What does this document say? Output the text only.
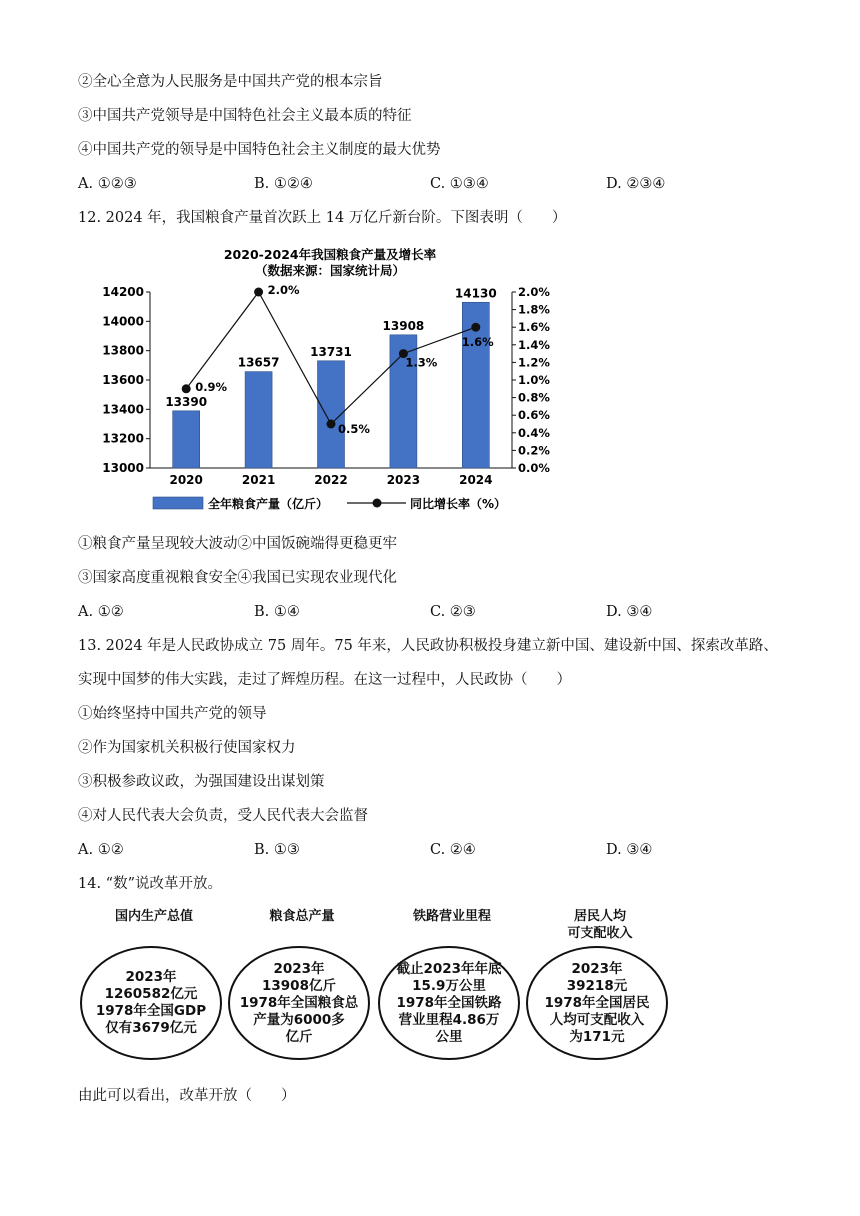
②全心全意为人民服务是中国共产党的根本宗旨
③中国共产党领导是中国特色社会主义最本质的特征
④中国共产党的领导是中国特色社会主义制度的最大优势
A. ①②③	B. ①②④	C. ①③④	D. ②③④
12. 2024 年，我国粮食产量首次跃上 14 万亿斤新台阶。下图表明（　　）
2020-2024年我国粮食产量及增长率
（数据来源：国家统计局）
13000
13200
13400
13600
13800
14000
14200
0.0%
0.2%
0.4%
0.6%
0.8%
1.0%
1.2%
1.4%
1.6%
1.8%
2.0%
13390
2020
13657
2021
13731
2022
13908
2023
14130
2024
0.9%
2.0%
0.5%
1.3%
1.6%
全年粮食产量（亿斤）	同比增长率（%）
①粮食产量呈现较大波动②中国饭碗端得更稳更牢
③国家高度重视粮食安全④我国已实现农业现代化
A. ①②	B. ①④	C. ②③	D. ③④
13. 2024 年是人民政协成立 75 周年。75 年来，人民政协积极投身建立新中国、建设新中国、探索改革路、
实现中国梦的伟大实践，走过了辉煌历程。在这一过程中，人民政协（　　）
①始终坚持中国共产党的领导
②作为国家机关积极行使国家权力
③积极参政议政，为强国建设出谋划策
④对人民代表大会负责，受人民代表大会监督
A. ①②	B. ①③	C. ②④	D. ③④
14. “数”说改革开放。
国内生产总值
2023年
1260582亿元
1978年全国GDP
仅有3679亿元
粮食总产量
2023年
13908亿斤
1978年全国粮食总
产量为6000多
亿斤
铁路营业里程
截止2023年年底
15.9万公里
1978年全国铁路
营业里程4.86万
公里
居民人均
可支配收入
2023年
39218元
1978年全国居民
人均可支配收入
为171元
由此可以看出，改革开放（　　）
